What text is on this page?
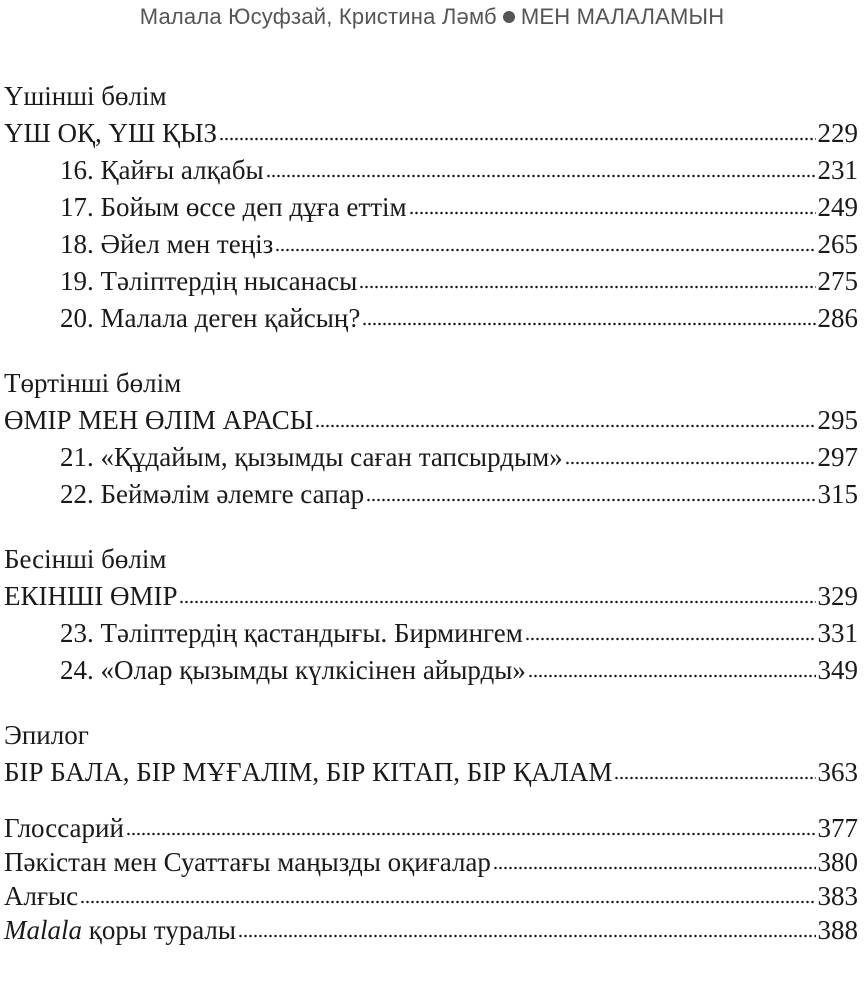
Малала Юсуфзай, Кристина Ләмб МЕН МАЛАЛАМЫН
Үшінші бөлім
ҮШ ОҚ, ҮШ ҚЫЗ	229
16. Қайғы алқабы	231
17. Бойым өссе деп дұға еттім	249
18. Әйел мен теңіз	265
19. Тәліптердің нысанасы	275
20. Малала деген қайсың?	286
Төртінші бөлім
ӨМІР МЕН ӨЛІМ АРАСЫ	295
21. «Құдайым, қызымды саған тапсырдым»	297
22. Беймәлім әлемге сапар	315
Бесінші бөлім
ЕКІНШІ ӨМІР	329
23. Тәліптердің қастандығы. Бирмингем	331
24. «Олар қызымды күлкісінен айырды»	349
Эпилог
БІР БАЛА, БІР МҰҒАЛІМ, БІР КІТАП, БІР ҚАЛАМ	363
Глоссарий	377
Пәкістан мен Суаттағы маңызды оқиғалар	380
Алғыс	383
Malala қоры туралы	388
